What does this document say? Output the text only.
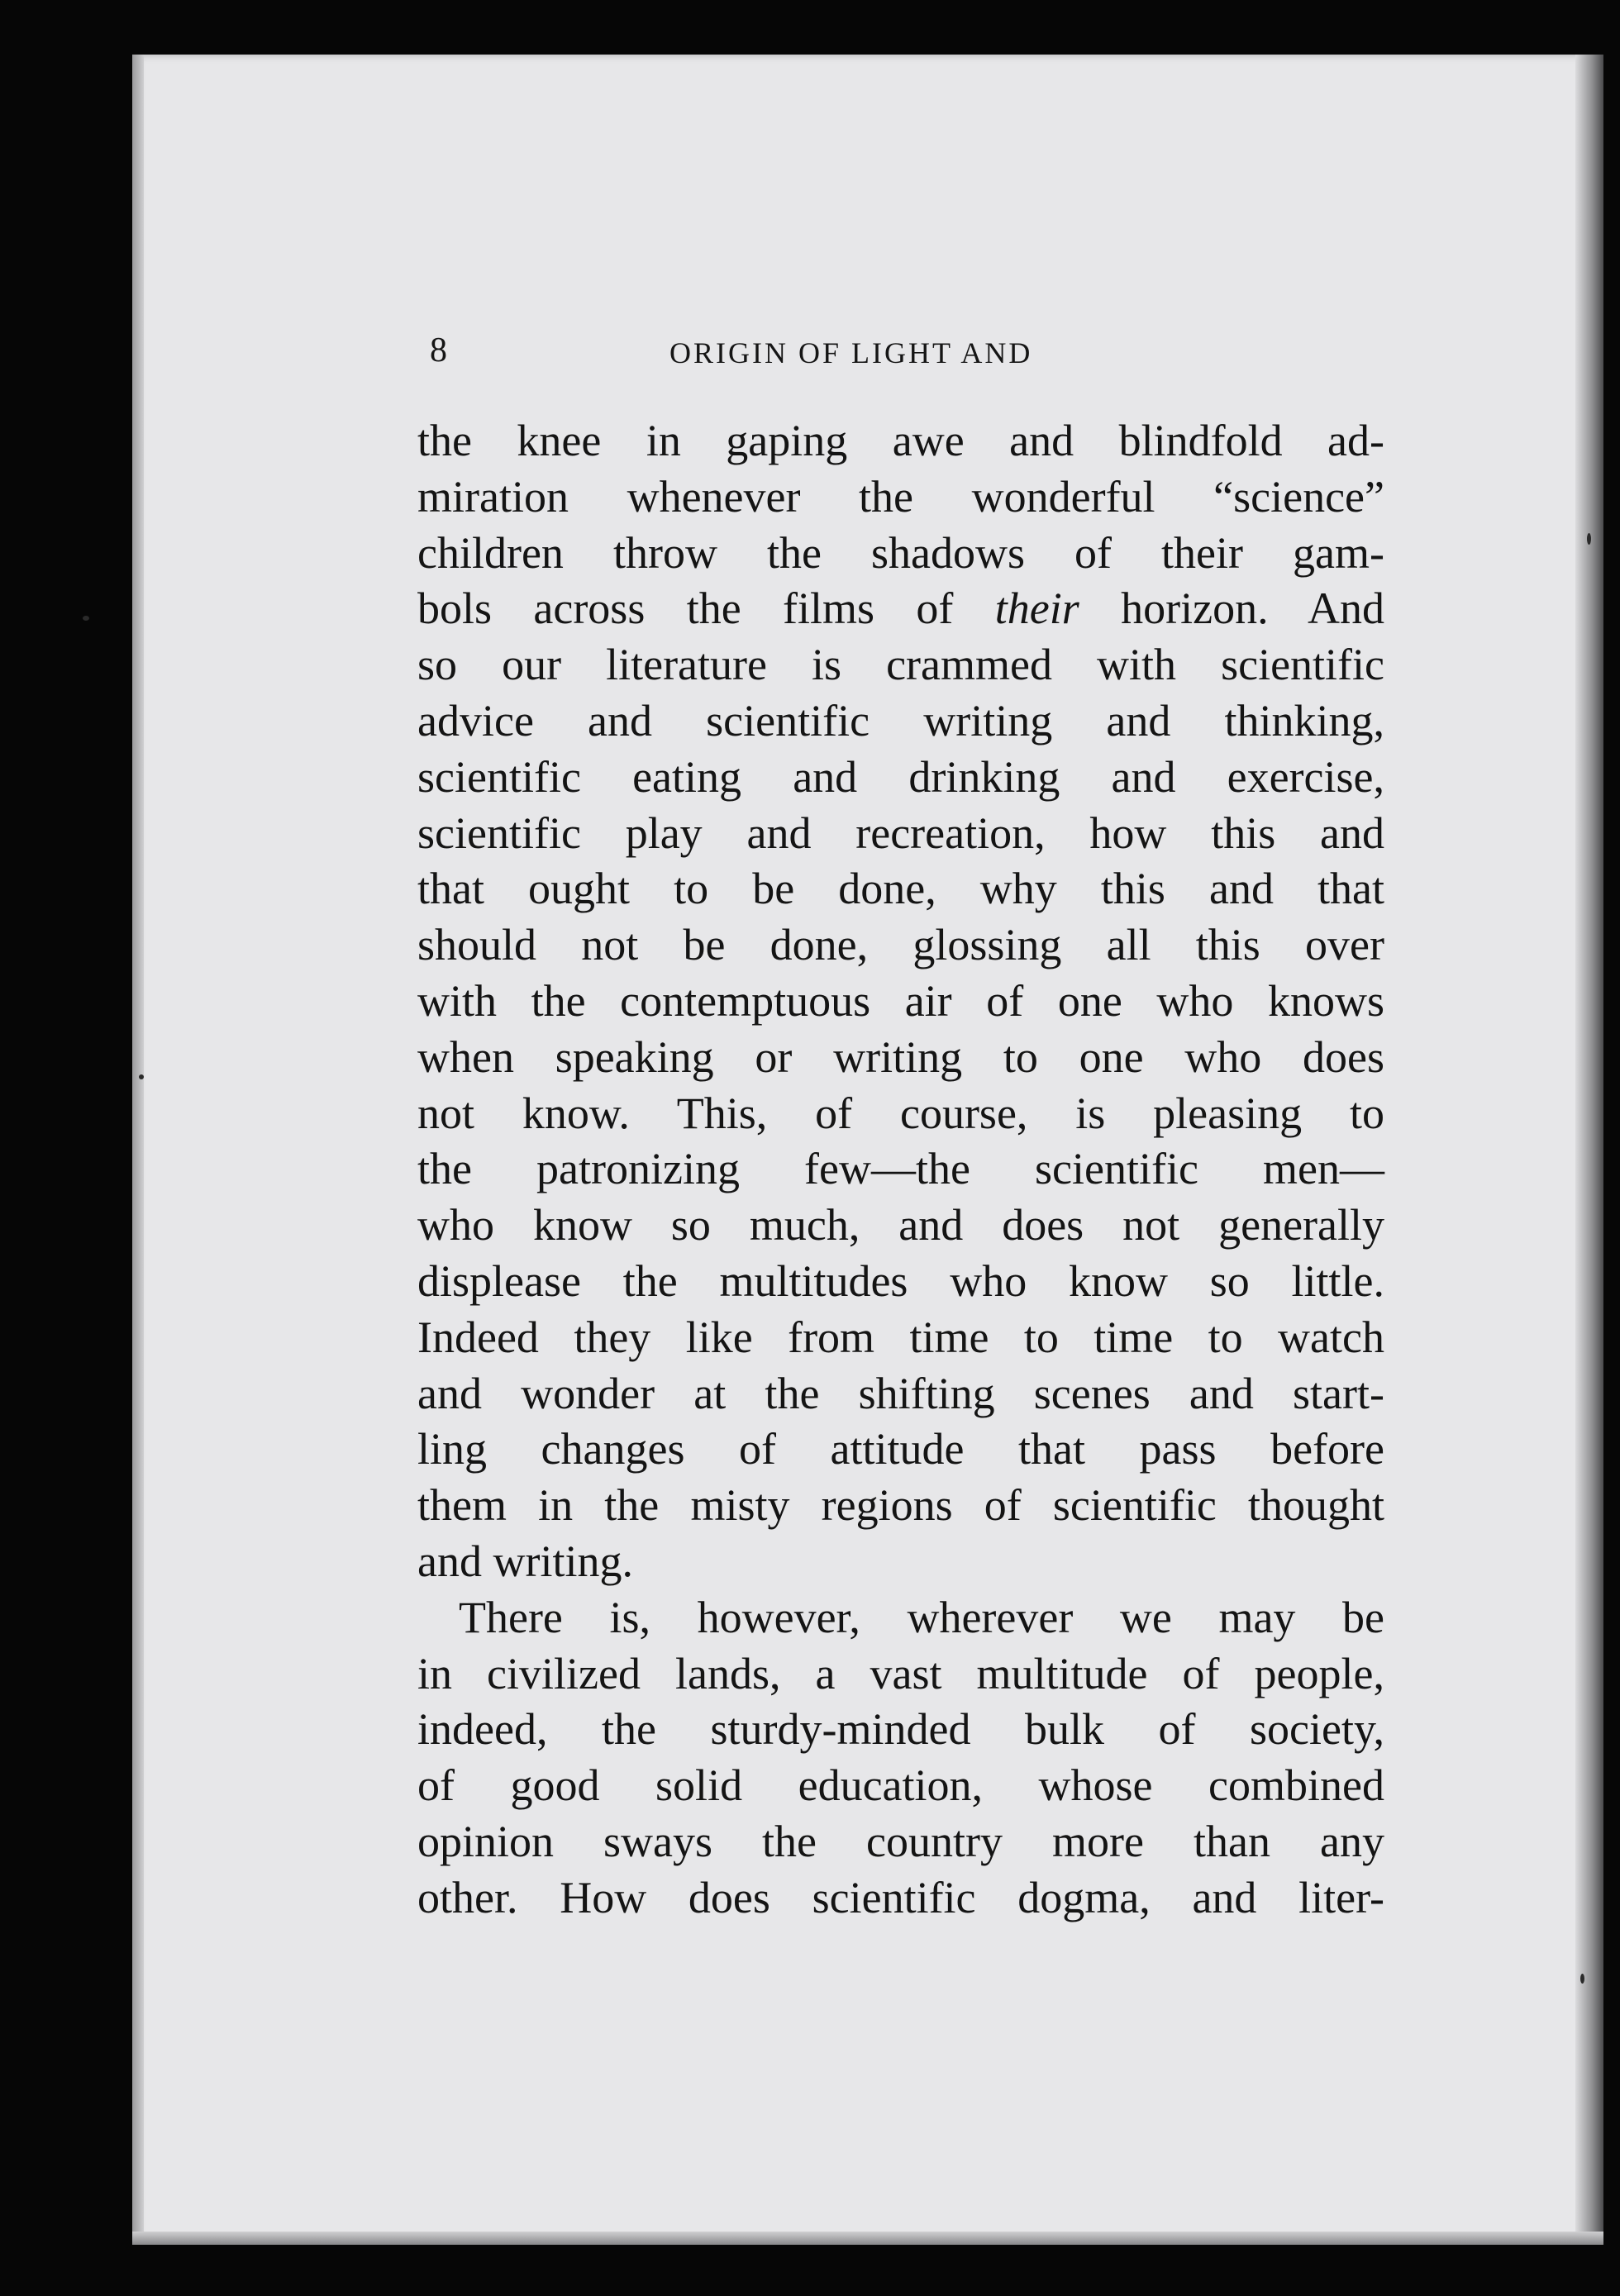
8	ORIGIN OF LIGHT AND
the knee in gaping awe and blindfold ad-
miration whenever the wonderful “science”
children throw the shadows of their gam-
bols across the films of their horizon. And
so our literature is crammed with scientific
advice and scientific writing and thinking,
scientific eating and drinking and exercise,
scientific play and recreation, how this and
that ought to be done, why this and that
should not be done, glossing all this over
with the contemptuous air of one who knows
when speaking or writing to one who does
not know. This, of course, is pleasing to
the patronizing few—the scientific men—
who know so much, and does not generally
displease the multitudes who know so little.
Indeed they like from time to time to watch
and wonder at the shifting scenes and start-
ling changes of attitude that pass before
them in the misty regions of scientific thought
and writing.
There is, however, wherever we may be
in civilized lands, a vast multitude of people,
indeed, the sturdy-minded bulk of society,
of good solid education, whose combined
opinion sways the country more than any
other. How does scientific dogma, and liter-
